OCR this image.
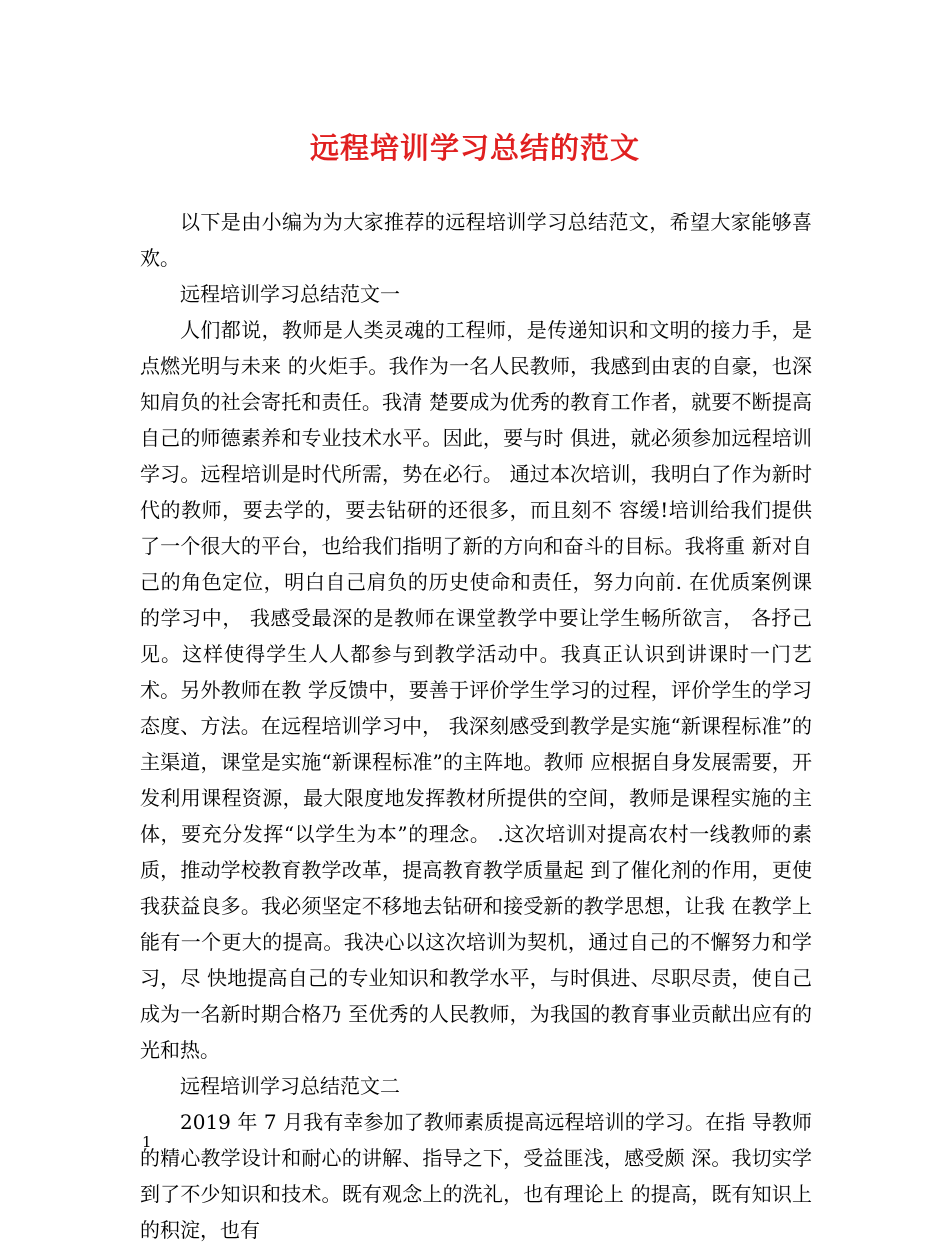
远程培训学习总结的范文

以下是由小编为为大家推荐的远程培训学习总结范文，希望大家能够喜欢。

远程培训学习总结范文一

人们都说，教师是人类灵魂的工程师，是传递知识和文明的接力手，是点燃光明与未来 的火炬手。我作为一名人民教师，我感到由衷的自豪，也深知肩负的社会寄托和责任。我清 楚要成为优秀的教育工作者，就要不断提高自己的师德素养和专业技术水平。因此，要与时 俱进，就必须参加远程培训学习。远程培训是时代所需，势在必行。 通过本次培训，我明白了作为新时代的教师，要去学的，要去钻研的还很多，而且刻不 容缓!培训给我们提供了一个很大的平台，也给我们指明了新的方向和奋斗的目标。我将重 新对自己的角色定位，明白自己肩负的历史使命和责任，努力向前. 在优质案例课的学习中， 我感受最深的是教师在课堂教学中要让学生畅所欲言， 各抒己 见。这样使得学生人人都参与到教学活动中。我真正认识到讲课时一门艺术。另外教师在教 学反馈中，要善于评价学生学习的过程，评价学生的学习态度、方法。在远程培训学习中， 我深刻感受到教学是实施“新课程标准”的主渠道，课堂是实施“新课程标准”的主阵地。教师 应根据自身发展需要，开发利用课程资源，最大限度地发挥教材所提供的空间，教师是课程实施的主体，要充分发挥“以学生为本”的理念。 .这次培训对提高农村一线教师的素质，推动学校教育教学改革，提高教育教学质量起 到了催化剂的作用，更使我获益良多。我必须坚定不移地去钻研和接受新的教学思想，让我 在教学上能有一个更大的提高。我决心以这次培训为契机，通过自己的不懈努力和学习，尽 快地提高自己的专业知识和教学水平，与时俱进、尽职尽责，使自己成为一名新时期合格乃 至优秀的人民教师，为我国的教育事业贡献出应有的光和热。

远程培训学习总结范文二

2019 年 7 月我有幸参加了教师素质提高远程培训的学习。在指 导教师的精心教学设计和耐心的讲解、指导之下，受益匪浅，感受颇 深。我切实学到了不少知识和技术。既有观念上的洗礼，也有理论上 的提高，既有知识上的积淀，也有

1
